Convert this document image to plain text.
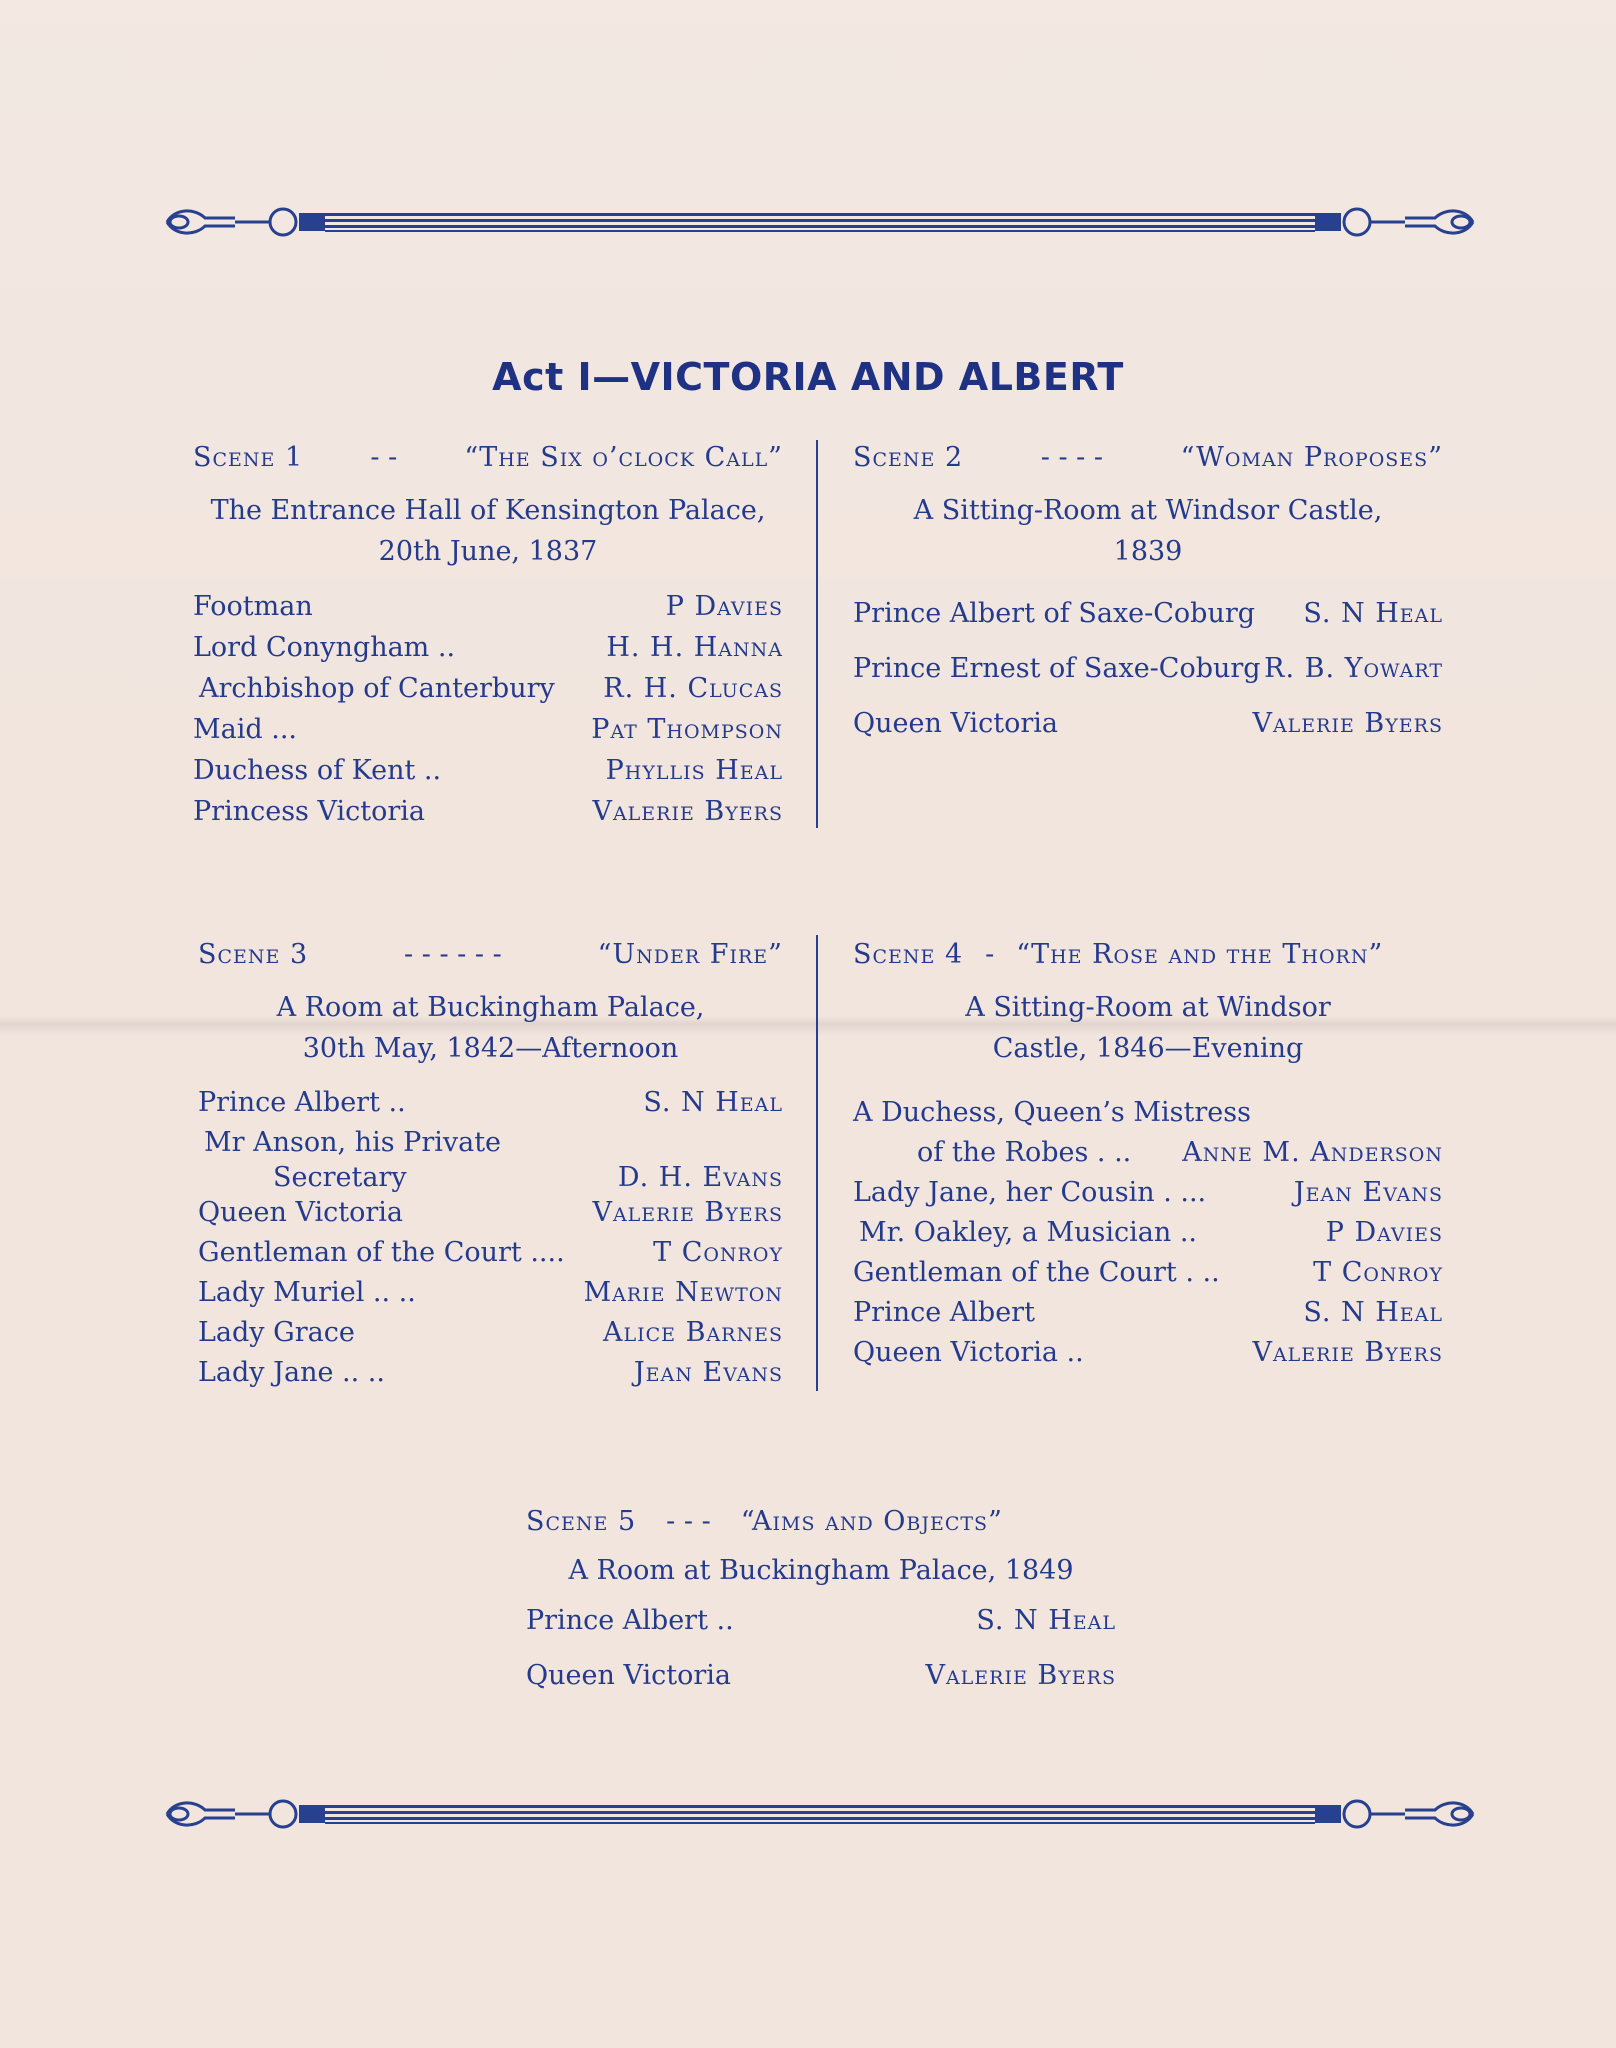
Act I—VICTORIA AND ALBERT
Scene 1 - - “The Six o’clock Call”
The Entrance Hall of Kensington Palace, 20th June, 1837
Footman	P Davies
Lord Conyngham ..	H. H. Hanna
Archbishop of Canterbury R. H. Clucas
Maid ...	Pat Thompson
Duchess of Kent ..	Phyllis Heal
Princess Victoria	Valerie Byers
Scene 2	- - - -	“Woman Proposes”
A Sitting-Room at Windsor Castle, 1839
Prince Albert of Saxe-Coburg S. N Heal
Prince Ernest of Saxe-Coburg R. B. Yowart
Queen Victoria	Valerie Byers
Scene 3	- - - - - -	“Under Fire”
A Room at Buckingham Palace, 30th May, 1842—Afternoon
Prince Albert ..	S. N Heal
Mr Anson, his Private
Secretary	D. H. Evans
Queen Victoria	Valerie Byers
Gentleman of the Court ....	T Conroy
Lady Muriel .. ..	Marie Newton
Lady Grace	Alice Barnes
Lady Jane .. ..	Jean Evans
Scene 4 - “The Rose and the Thorn”
A Sitting-Room at Windsor Castle, 1846—Evening
A Duchess, Queen’s Mistress
of the Robes . .. Anne M. Anderson
Lady Jane, her Cousin . ...	Jean Evans
Mr. Oakley, a Musician ..	P Davies
Gentleman of the Court . ..	T Conroy
Prince Albert	S. N Heal
Queen Victoria ..	Valerie Byers
Scene 5 - - - “Aims and Objects”
A Room at Buckingham Palace, 1849
Prince Albert ..	S. N Heal
Queen Victoria	Valerie Byers
